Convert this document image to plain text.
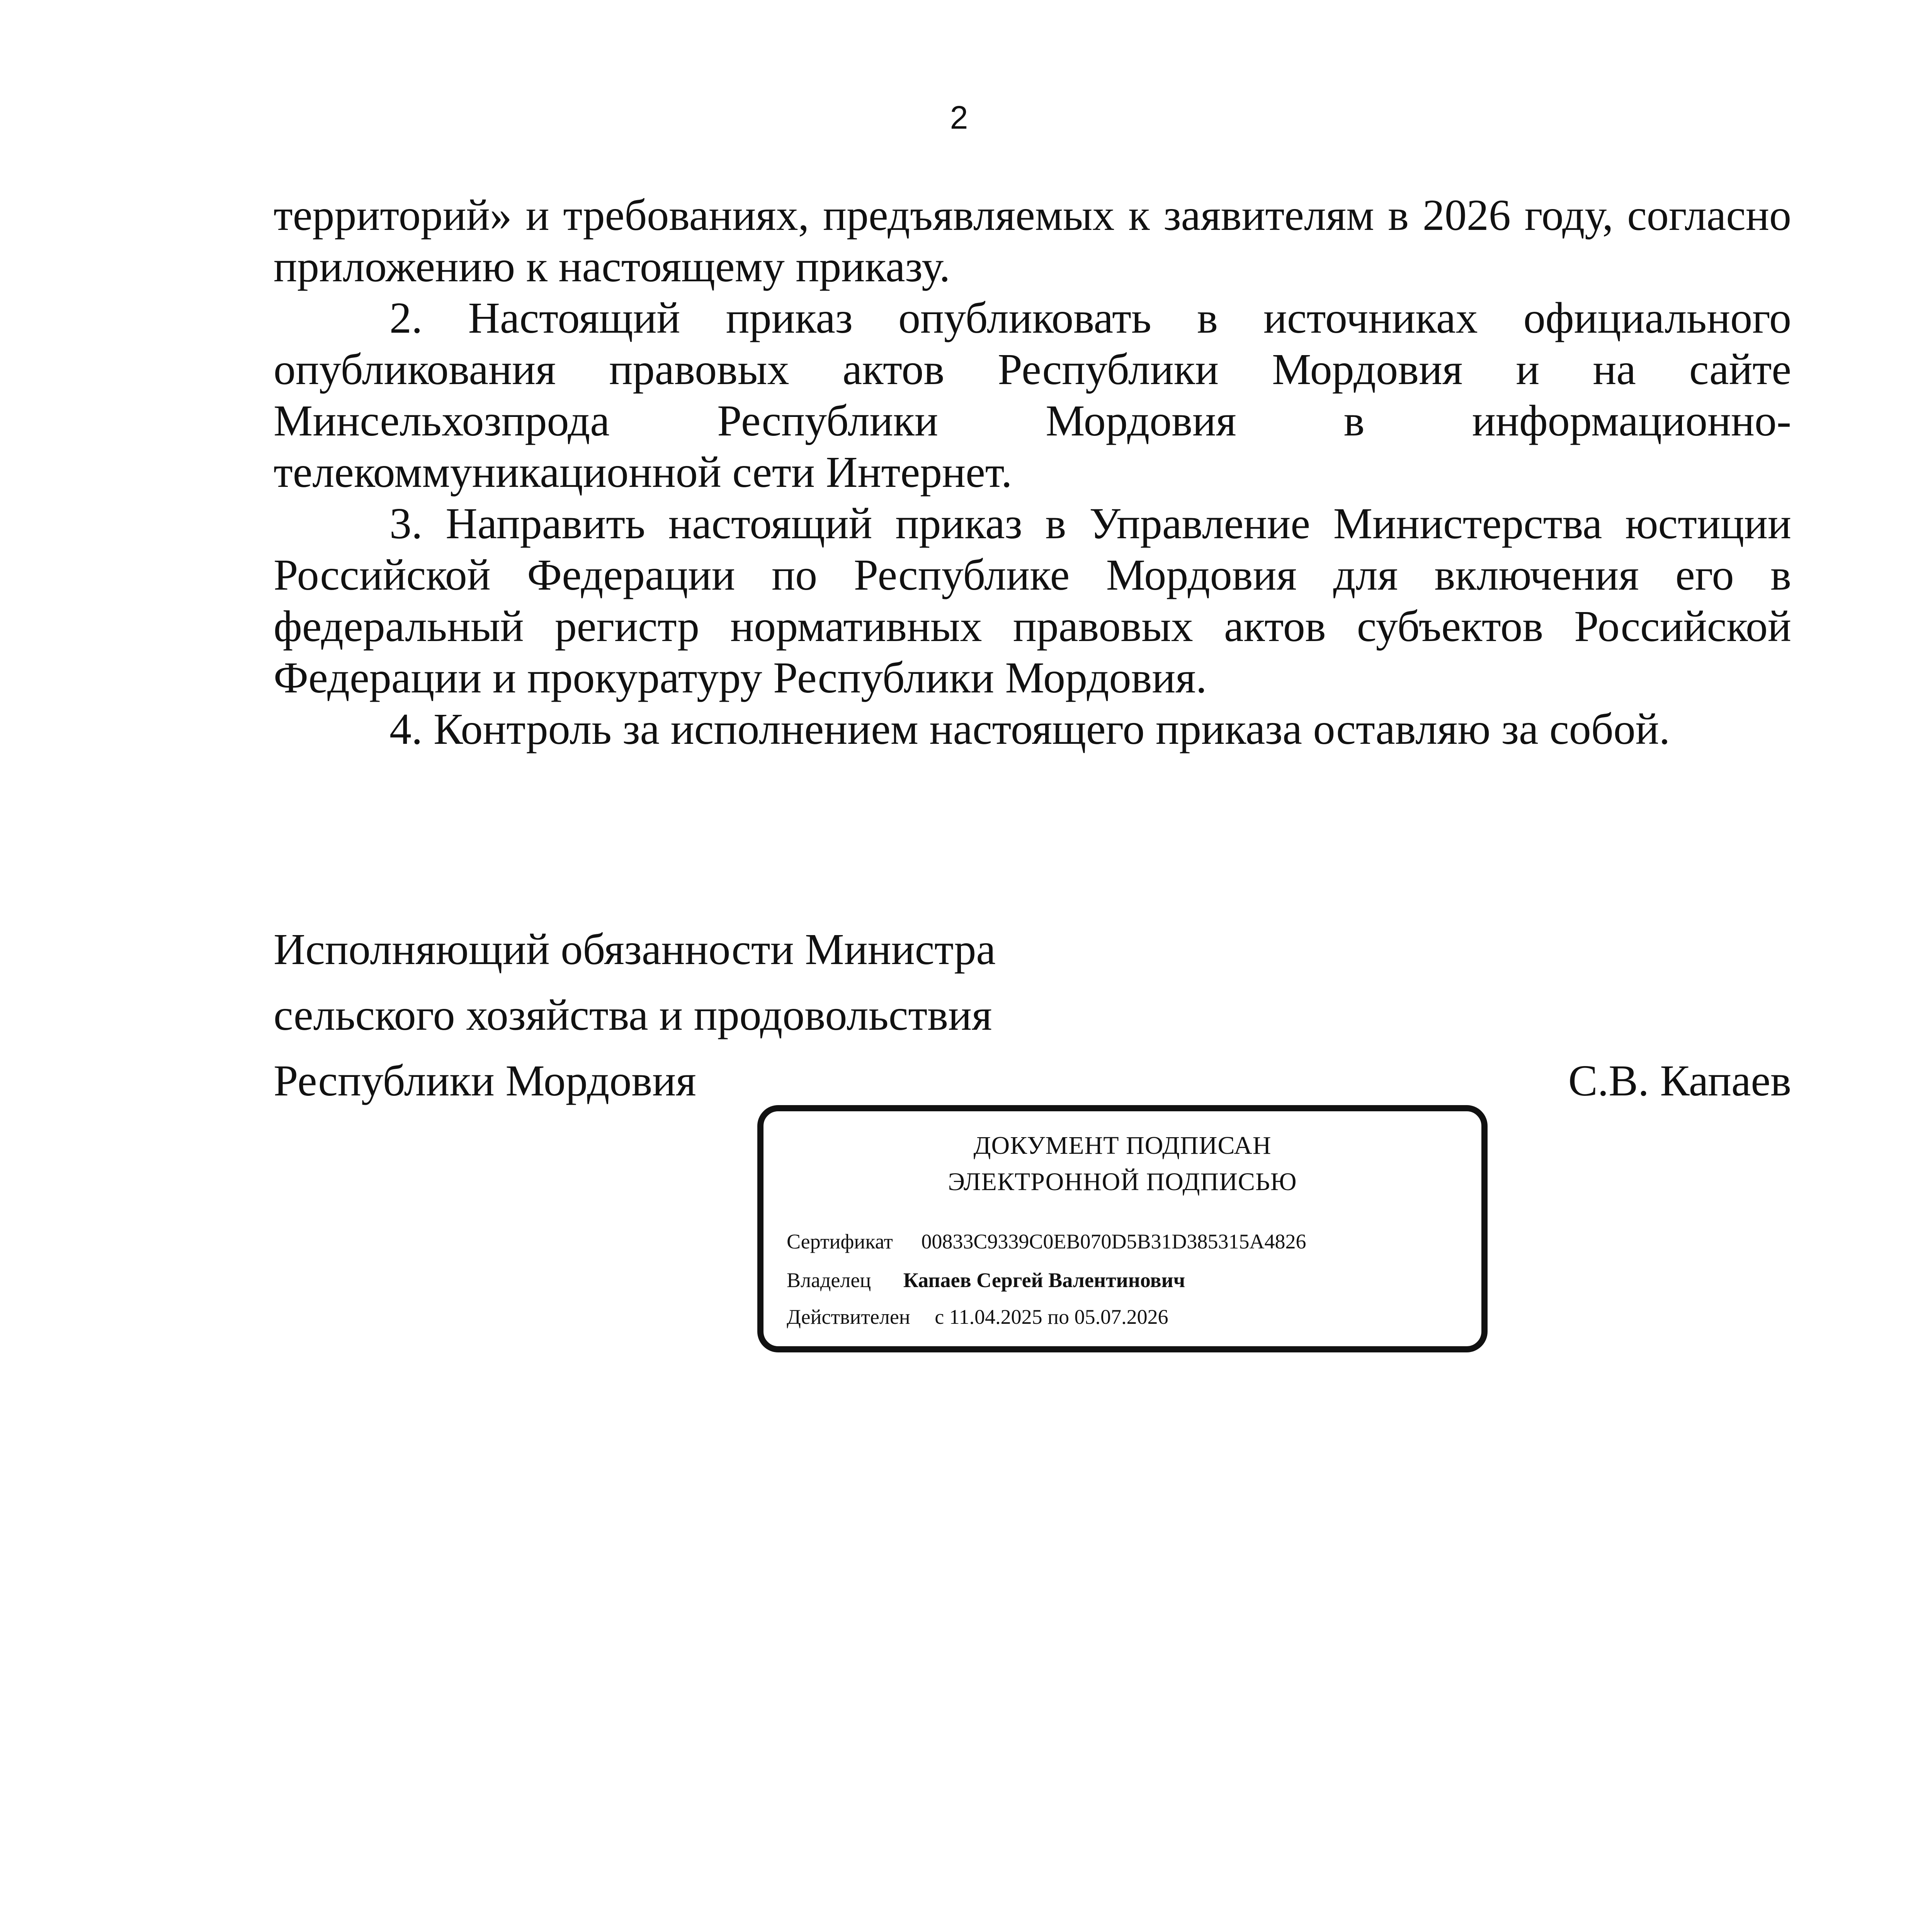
2

территорий» и требованиях, предъявляемых к заявителям в 2026 году, согласно приложению к настоящему приказу.

2. Настоящий приказ опубликовать в источниках официального опубликования правовых актов Республики Мордовия и на сайте Минсельхозпрода Республики Мордовия в информационно-телекоммуникационной сети Интернет.

3. Направить настоящий приказ в Управление Министерства юстиции Российской Федерации по Республике Мордовия для включения его в федеральный регистр нормативных правовых актов субъектов Российской Федерации и прокуратуру Республики Мордовия.

4. Контроль за исполнением настоящего приказа оставляю за собой.

Исполняющий обязанности Министра
сельского хозяйства и продовольствия
Республики Мордовия	С.В. Капаев
ДОКУМЕНТ ПОДПИСАН
ЭЛЕКТРОННОЙ ПОДПИСЬЮ
Сертификат 00833C9339C0EB070D5B31D385315A4826
Владелец Капаев Сергей Валентинович
Действителен с 11.04.2025 по 05.07.2026
